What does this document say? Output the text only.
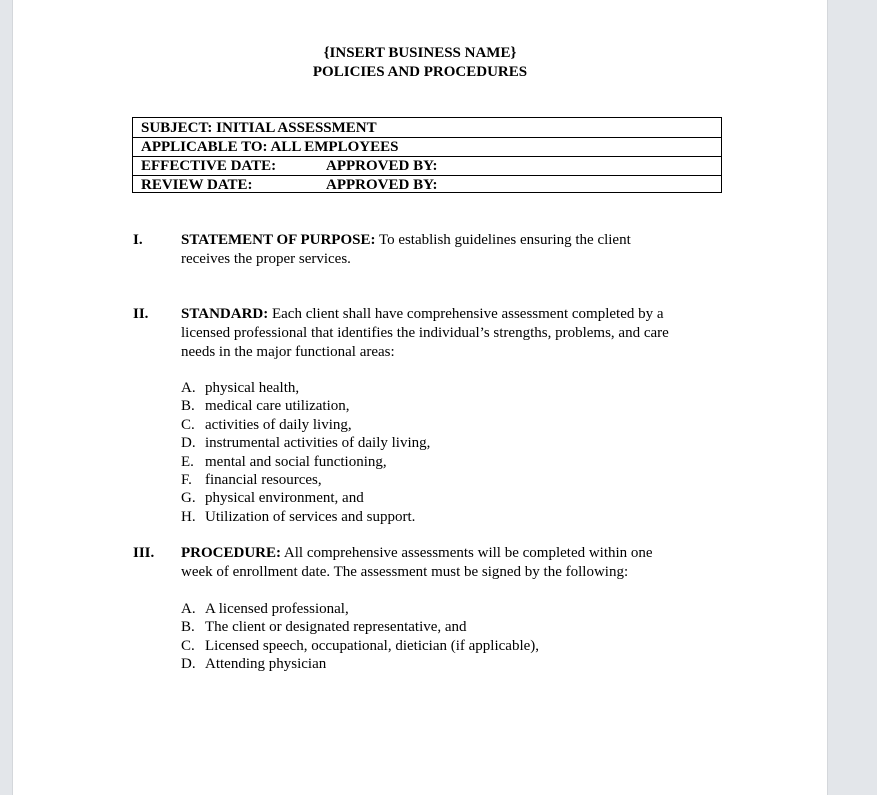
{INSERT BUSINESS NAME}
POLICIES AND PROCEDURES
SUBJECT: INITIAL ASSESSMENT
APPLICABLE TO: ALL EMPLOYEES
EFFECTIVE DATE:	APPROVED BY:
REVIEW DATE:	APPROVED BY:
I.	STATEMENT OF PURPOSE: To establish guidelines ensuring the client
receives the proper services.
II. STANDARD: Each client shall have comprehensive assessment completed by a
licensed professional that identifies the individual’s strengths, problems, and care
needs in the major functional areas:
A. physical health,
B. medical care utilization,
C. activities of daily living,
D. instrumental activities of daily living,
E. mental and social functioning,
F. financial resources,
G. physical environment, and
H. Utilization of services and support.
III. PROCEDURE: All comprehensive assessments will be completed within one
week of enrollment date. The assessment must be signed by the following:
A. A licensed professional,
B. The client or designated representative, and
C. Licensed speech, occupational, dietician (if applicable),
D. Attending physician
